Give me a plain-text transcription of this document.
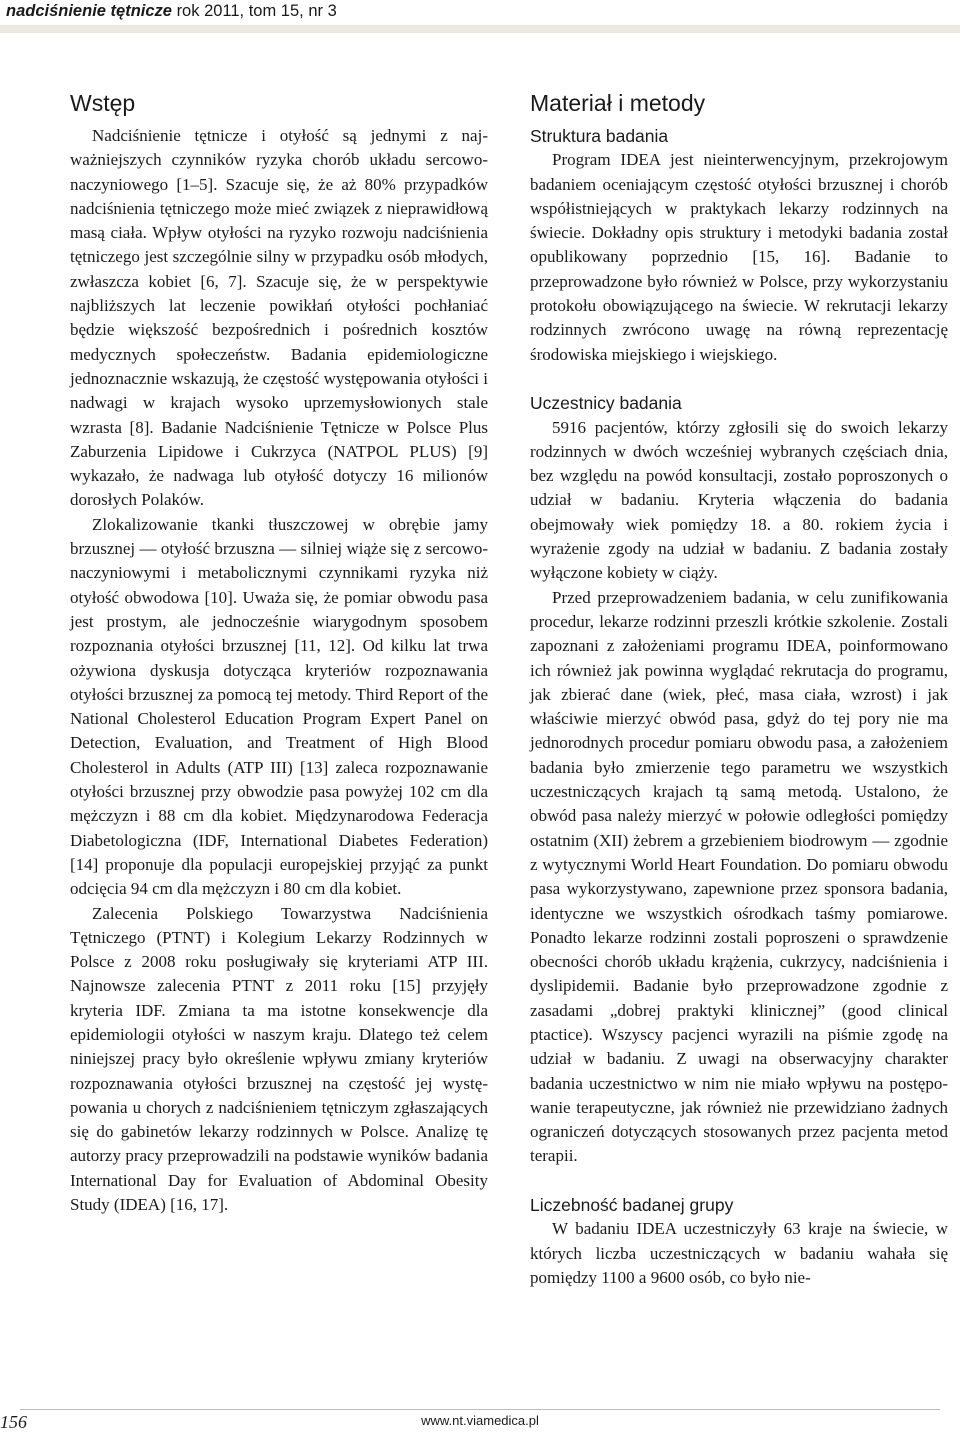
nadciśnienie tętnicze rok 2011, tom 15, nr 3
Wstęp

Nadciśnienie tętnicze i otyłość są jednymi z najważniejszych czynników ryzyka chorób układu sercowo-naczyniowego [1–5]. Szacuje się, że aż 80% przypadków nadciśnienia tętniczego może mieć związek z nieprawidłową masą ciała. Wpływ otyłości na ryzyko rozwoju nadciśnienia tętniczego jest szczególnie silny w przypadku osób młodych, zwłaszcza kobiet [6, 7]. Szacuje się, że w perspektywie najbliższych lat leczenie powikłań otyłości pochłaniać będzie większość bezpośrednich i pośrednich kosztów medycznych społeczeństw. Badania epidemiologiczne jednoznacznie wskazują, że częstość występowania otyłości i nadwagi w krajach wysoko uprzemysłowionych stale wzrasta [8]. Badanie Nadciśnienie Tętnicze w Polsce Plus Zaburzenia Lipidowe i Cukrzyca (NATPOL PLUS) [9] wykazało, że nadwaga lub otyłość dotyczy 16 milionów dorosłych Polaków.

Zlokalizowanie tkanki tłuszczowej w obrębie jamy brzusznej — otyłość brzuszna — silniej wiąże się z sercowo-naczyniowymi i metabolicznymi czynnikami ryzyka niż otyłość obwodowa [10]. Uważa się, że pomiar obwodu pasa jest prostym, ale jednocześnie wiarygodnym sposobem rozpoznania otyłości brzusznej [11, 12]. Od kilku lat trwa ożywiona dyskusja dotycząca kryteriów rozpoznawania otyłości brzusznej za pomocą tej metody. Third Report of the National Cholesterol Education Program Expert Panel on Detection, Evaluation, and Treatment of High Blood Cholesterol in Adults (ATP III) [13] zaleca rozpoznawanie otyłości brzusznej przy obwodzie pasa powyżej 102 cm dla mężczyzn i 88 cm dla kobiet. Międzynarodowa Federacja Diabetologiczna (IDF, International Diabetes Federation) [14] proponuje dla populacji europejskiej przyjąć za punkt odcięcia 94 cm dla mężczyzn i 80 cm dla kobiet.

Zalecenia Polskiego Towarzystwa Nadciśnienia Tętniczego (PTNT) i Kolegium Lekarzy Rodzinnych w Polsce z 2008 roku posługiwały się kryteriami ATP III. Najnowsze zalecenia PTNT z 2011 roku [15] przyjęły kryteria IDF. Zmiana ta ma istotne konsekwencje dla epidemiologii otyłości w naszym kraju. Dlatego też celem niniejszej pracy było określenie wpływu zmiany kryteriów rozpoznawania otyłości brzusznej na częstość jej występowania u chorych z nadciśnieniem tętniczym zgłaszających się do gabinetów lekarzy rodzinnych w Polsce. Analizę tę autorzy pracy przeprowadzili na podstawie wyników badania International Day for Evaluation of Abdominal Obesity Study (IDEA) [16, 17].

Materiał i metody
Struktura badania

Program IDEA jest nieinterwencyjnym, przekrojowym badaniem oceniającym częstość otyłości brzusznej i chorób współistniejących w praktykach lekarzy rodzinnych na świecie. Dokładny opis struktury i metodyki badania został opublikowany poprzednio [15, 16]. Badanie to przeprowadzone było również w Polsce, przy wykorzystaniu protokołu obowiązującego na świecie. W rekrutacji lekarzy rodzinnych zwrócono uwagę na równą reprezentację środowiska miejskiego i wiejskiego.

Uczestnicy badania

5916 pacjentów, którzy zgłosili się do swoich lekarzy rodzinnych w dwóch wcześniej wybranych częściach dnia, bez względu na powód konsultacji, zostało poproszonych o udział w badaniu. Kryteria włączenia do badania obejmowały wiek pomiędzy 18. a 80. rokiem życia i wyrażenie zgody na udział w badaniu. Z badania zostały wyłączone kobiety w ciąży.

Przed przeprowadzeniem badania, w celu zunifikowania procedur, lekarze rodzinni przeszli krótkie szkolenie. Zostali zapoznani z założeniami programu IDEA, poinformowano ich również jak powinna wyglądać rekrutacja do programu, jak zbierać dane (wiek, płeć, masa ciała, wzrost) i jak właściwie mierzyć obwód pasa, gdyż do tej pory nie ma jednorodnych procedur pomiaru obwodu pasa, a założeniem badania było zmierzenie tego parametru we wszystkich uczestniczących krajach tą samą metodą. Ustalono, że obwód pasa należy mierzyć w połowie odległości pomiędzy ostatnim (XII) żebrem a grzebieniem biodrowym — zgodnie z wytycznymi World Heart Foundation. Do pomiaru obwodu pasa wykorzystywano, zapewnione przez sponsora badania, identyczne we wszystkich ośrodkach taśmy pomiarowe. Ponadto lekarze rodzinni zostali poproszeni o sprawdzenie obecności chorób układu krążenia, cukrzycy, nadciśnienia i dyslipidemii. Badanie było przeprowadzone zgodnie z zasadami „dobrej praktyki klinicznej” (good clinical ptactice). Wszyscy pacjenci wyrazili na piśmie zgodę na udział w badaniu. Z uwagi na obserwacyjny charakter badania uczestnictwo w nim nie miało wpływu na postępowanie terapeutyczne, jak również nie przewidziano żadnych ograniczeń dotyczących stosowanych przez pacjenta metod terapii.

Liczebność badanej grupy

W badaniu IDEA uczestniczyły 63 kraje na świecie, w których liczba uczestniczących w badaniu wahała się pomiędzy 1100 a 9600 osób, co było nie-

156	www.nt.viamedica.pl
